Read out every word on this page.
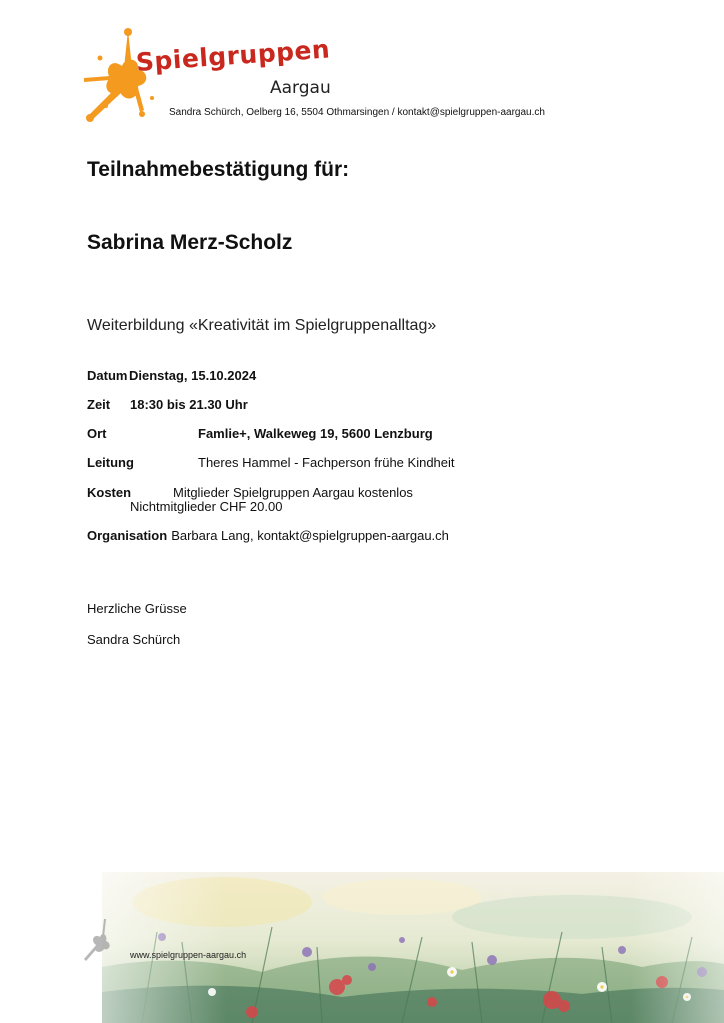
Spielgruppen
Aargau
Sandra Schürch, Oelberg 16, 5504 Othmarsingen / kontakt@spielgruppen-aargau.ch
Teilnahmebestätigung für:
Sabrina Merz-Scholz
Weiterbildung «Kreativität im Spielgruppenalltag»
Datum Dienstag, 15.10.2024
Zeit 18:30 bis 21.30 Uhr
Ort	Famlie+, Walkeweg 19, 5600 Lenzburg
Leitung	Theres Hammel - Fachperson frühe Kindheit
Kosten	Mitglieder Spielgruppen Aargau kostenlos
Nichtmitglieder CHF 20.00
Organisation Barbara Lang, kontakt@spielgruppen-aargau.ch
Herzliche Grüsse
Sandra Schürch
www.spielgruppen-aargau.ch
